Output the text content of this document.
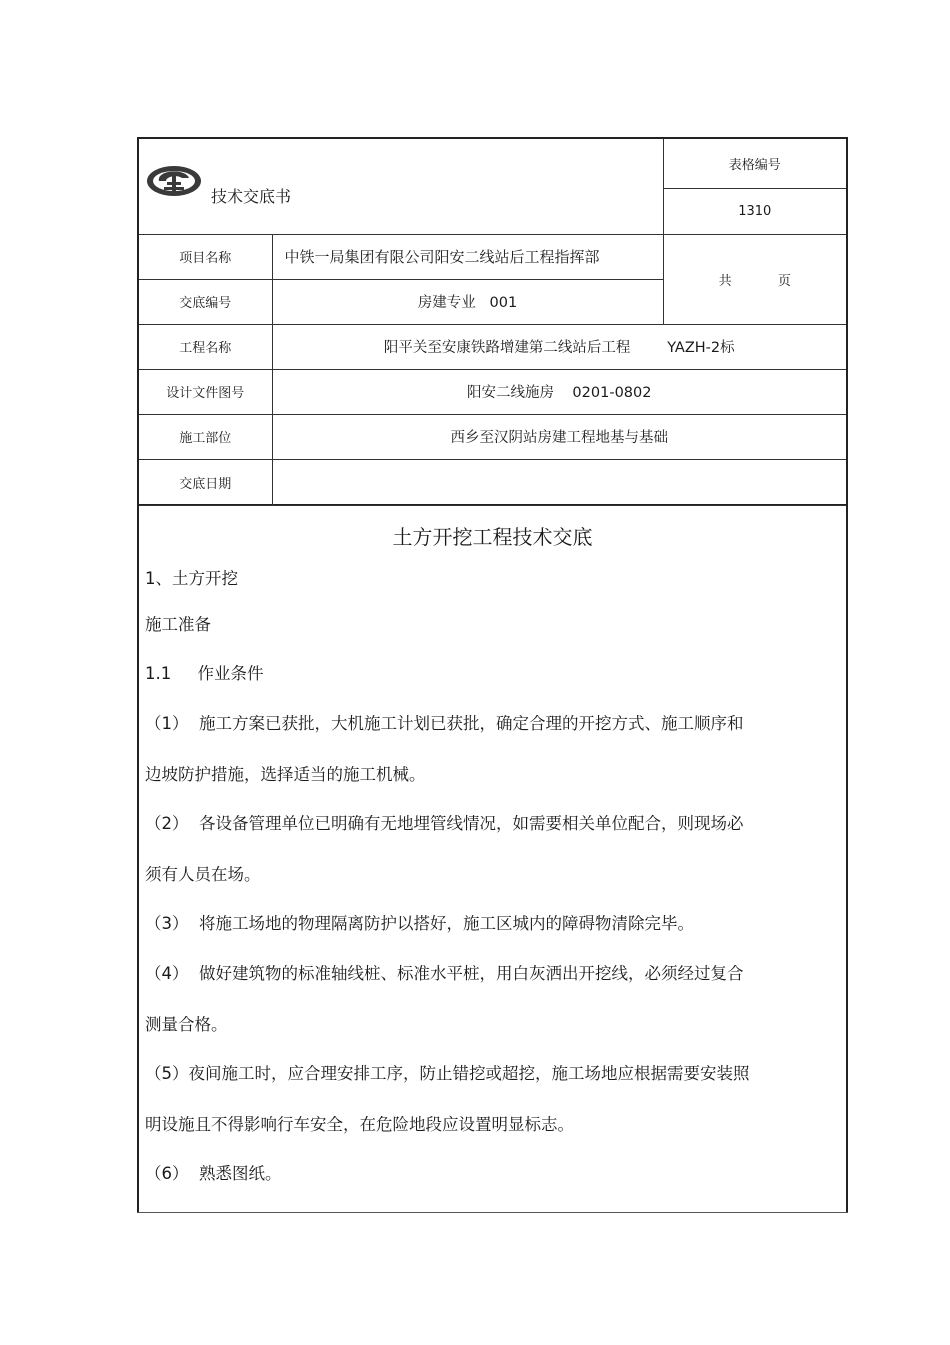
技术交底书		表格编号
		1310
项目名称	中铁一局集团有限公司阳安二线站后工程指挥部	共 页
交底编号	房建专业   001	
工程名称	阳平关至安康铁路增建第二线站后工程        YAZH-2标	
设计文件图号	阳安二线施房    0201-0802	
施工部位	西乡至汉阴站房建工程地基与基础	
交底日期		
土方开挖工程技术交底
1、土方开挖
施工准备
1.1     作业条件
（1）  施工方案已获批，大机施工计划已获批，确定合理的开挖方式、施工顺序和
边坡防护措施，选择适当的施工机械。
（2）  各设备管理单位已明确有无地埋管线情况，如需要相关单位配合，则现场必
须有人员在场。
（3）  将施工场地的物理隔离防护以搭好，施工区城内的障碍物清除完毕。
（4）  做好建筑物的标准轴线桩、标准水平桩，用白灰洒出开挖线，必须经过复合
测量合格。
（5）夜间施工时，应合理安排工序，防止错挖或超挖，施工场地应根据需要安装照
明设施且不得影响行车安全，在危险地段应设置明显标志。
（6）  熟悉图纸。
